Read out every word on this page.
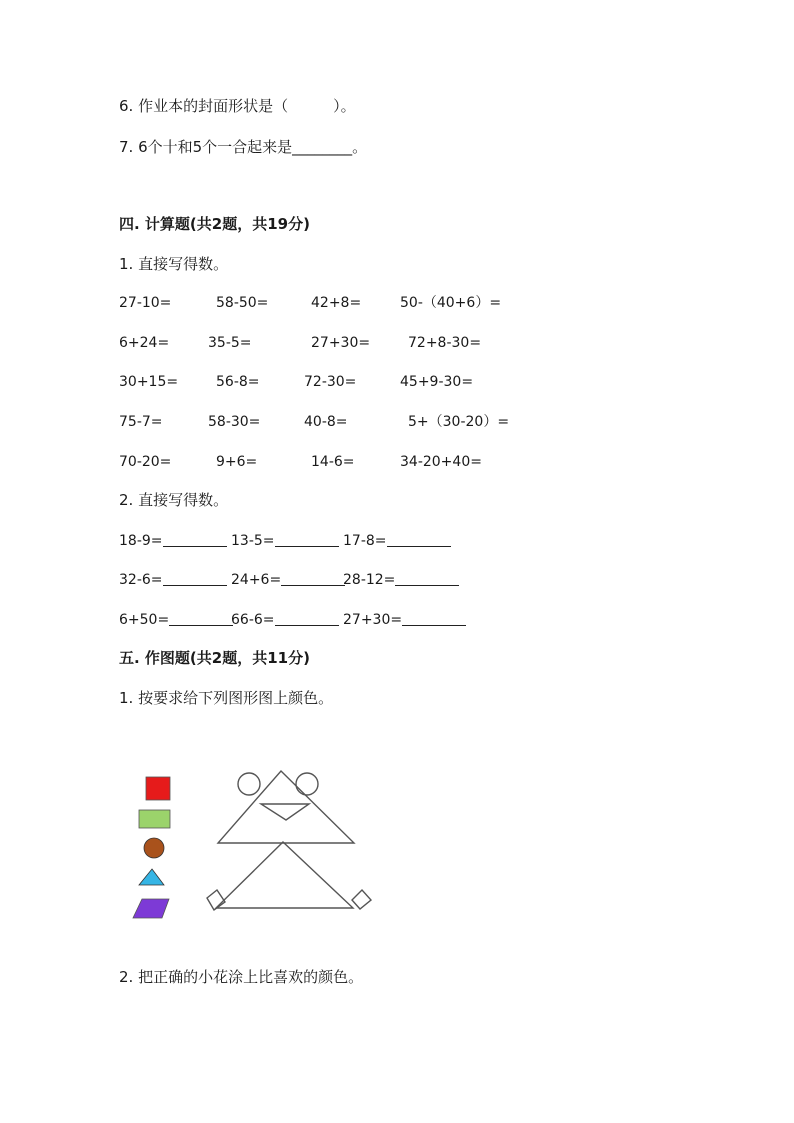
6. 作业本的封面形状是（　　　）。
7. 6个十和5个一合起来是________。
四. 计算题(共2题，共19分)
1. 直接写得数。
27-10=	58-50=	42+8=	50-（40+6）=
6+24=	35-5=	27+30=	72+8-30=
30+15=	56-8=	72-30=	45+9-30=
75-7=	58-30=	40-8=	5+（30-20）=
70-20=	9+6=	14-6=	34-20+40=
2. 直接写得数。
18-9=	13-5=	17-8=
32-6=	24+6=	28-12=
6+50=	66-6=	27+30=
五. 作图题(共2题，共11分)
1. 按要求给下列图形图上颜色。
2. 把正确的小花涂上比喜欢的颜色。
